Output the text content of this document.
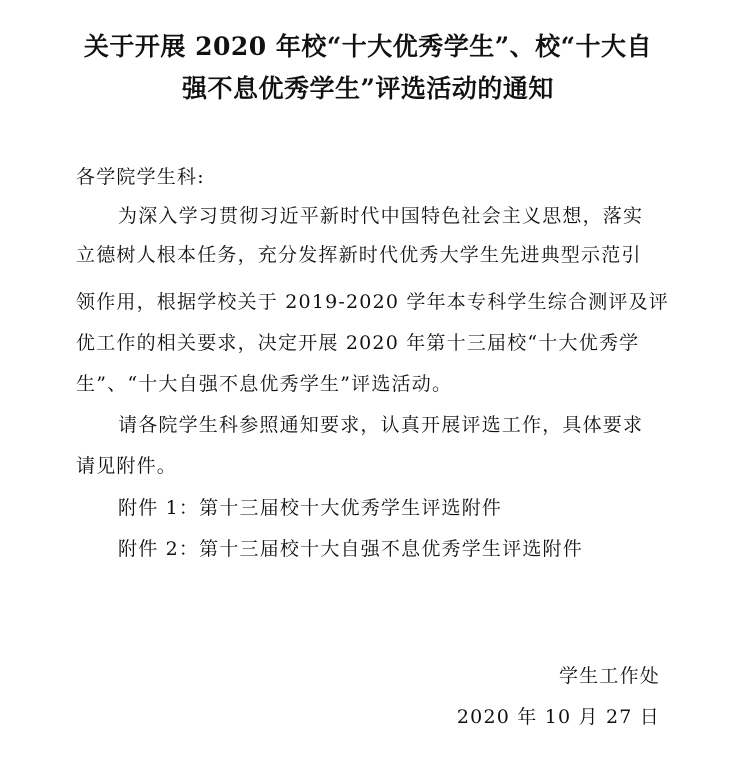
关于开展 2020 年校“十大优秀学生”、校“十大自
强不息优秀学生”评选活动的通知
各学院学生科:
为深入学习贯彻习近平新时代中国特色社会主义思想，落实
立德树人根本任务，充分发挥新时代优秀大学生先进典型示范引
领作用，根据学校关于 2019-2020 学年本专科学生综合测评及评
优工作的相关要求，决定开展 2020 年第十三届校“十大优秀学
生”、“十大自强不息优秀学生”评选活动。
请各院学生科参照通知要求，认真开展评选工作，具体要求
请见附件。
附件 1：第十三届校十大优秀学生评选附件
附件 2：第十三届校十大自强不息优秀学生评选附件
学生工作处
2020 年 10 月 27 日
